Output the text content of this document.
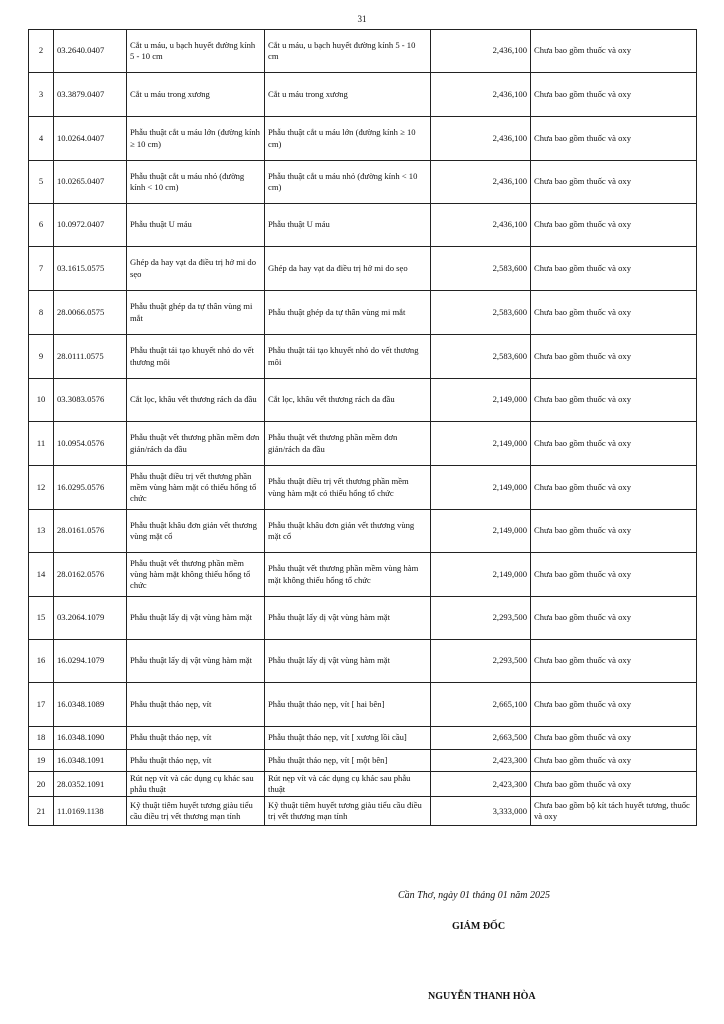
31
2	03.2640.0407	Cắt u máu, u bạch huyết đường kính 5 - 10 cm	Cắt u máu, u bạch huyết đường kính 5 - 10 cm	2,436,100	Chưa bao gồm thuốc và oxy
3	03.3879.0407	Cắt u máu trong xương	Cắt u máu trong xương	2,436,100	Chưa bao gồm thuốc và oxy
4	10.0264.0407	Phẫu thuật cắt u máu lớn (đường kính ≥ 10 cm)	Phẫu thuật cắt u máu lớn (đường kính ≥ 10 cm)	2,436,100	Chưa bao gồm thuốc và oxy
5	10.0265.0407	Phẫu thuật cắt u máu nhỏ (đường kính < 10 cm)	Phẫu thuật cắt u máu nhỏ (đường kính < 10 cm)	2,436,100	Chưa bao gồm thuốc và oxy
6	10.0972.0407	Phẫu thuật U máu	Phẫu thuật U máu	2,436,100	Chưa bao gồm thuốc và oxy
7	03.1615.0575	Ghép da hay vạt da điều trị hở mi do sẹo	Ghép da hay vạt da điều trị hở mi do sẹo	2,583,600	Chưa bao gồm thuốc và oxy
8	28.0066.0575	Phẫu thuật ghép da tự thân vùng mi mắt	Phẫu thuật ghép da tự thân vùng mi mắt	2,583,600	Chưa bao gồm thuốc và oxy
9	28.0111.0575	Phẫu thuật tái tạo khuyết nhỏ do vết thương môi	Phẫu thuật tái tạo khuyết nhỏ do vết thương môi	2,583,600	Chưa bao gồm thuốc và oxy
10	03.3083.0576	Cắt lọc, khâu vết thương rách da đầu	Cắt lọc, khâu vết thương rách da đầu	2,149,000	Chưa bao gồm thuốc và oxy
11	10.0954.0576	Phẫu thuật vết thương phần mềm đơn giản/rách da đầu	Phẫu thuật vết thương phần mềm đơn giản/rách da đầu	2,149,000	Chưa bao gồm thuốc và oxy
12	16.0295.0576	Phẫu thuật điều trị vết thương phần mềm vùng hàm mặt có thiếu hổng tổ chức	Phẫu thuật điều trị vết thương phần mềm vùng hàm mặt có thiếu hổng tổ chức	2,149,000	Chưa bao gồm thuốc và oxy
13	28.0161.0576	Phẫu thuật khâu đơn giản vết thương vùng mặt cổ	Phẫu thuật khâu đơn giản vết thương vùng mặt cổ	2,149,000	Chưa bao gồm thuốc và oxy
14	28.0162.0576	Phẫu thuật vết thương phần mềm vùng hàm mặt không thiếu hổng tổ chức	Phẫu thuật vết thương phần mềm vùng hàm mặt không thiếu hổng tổ chức	2,149,000	Chưa bao gồm thuốc và oxy
15	03.2064.1079	Phẫu thuật lấy dị vật vùng hàm mặt	Phẫu thuật lấy dị vật vùng hàm mặt	2,293,500	Chưa bao gồm thuốc và oxy
16	16.0294.1079	Phẫu thuật lấy dị vật vùng hàm mặt	Phẫu thuật lấy dị vật vùng hàm mặt	2,293,500	Chưa bao gồm thuốc và oxy
17	16.0348.1089	Phẫu thuật tháo nẹp, vít	Phẫu thuật tháo nẹp, vít [ hai bên]	2,665,100	Chưa bao gồm thuốc và oxy
18	16.0348.1090	Phẫu thuật tháo nẹp, vít	Phẫu thuật tháo nẹp, vít [ xương lồi cầu]	2,663,500	Chưa bao gồm thuốc và oxy
19	16.0348.1091	Phẫu thuật tháo nẹp, vít	Phẫu thuật tháo nẹp, vít [ một bên]	2,423,300	Chưa bao gồm thuốc và oxy
20	28.0352.1091	Rút nẹp vít và các dụng cụ khác sau phẫu thuật	Rút nẹp vít và các dụng cụ khác sau phẫu thuật	2,423,300	Chưa bao gồm thuốc và oxy
21	11.0169.1138	Kỹ thuật tiêm huyết tương giàu tiểu cầu điều trị vết thương mạn tính	Kỹ thuật tiêm huyết tương giàu tiểu cầu điều trị vết thương mạn tính	3,333,000	Chưa bao gồm bộ kít tách huyết tương, thuốc và oxy
Cần Thơ, ngày 01 tháng 01 năm 2025
GIÁM ĐỐC
NGUYỄN THANH HÒA
